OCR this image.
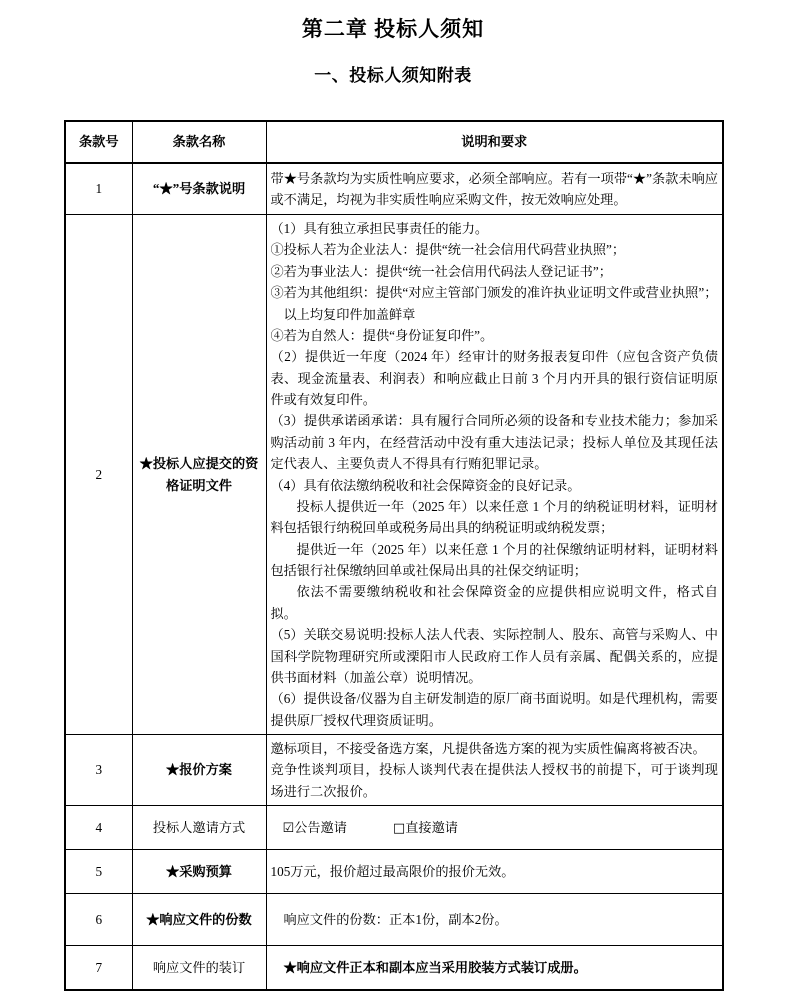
第二章 投标人须知
一、投标人须知附表
条款号	条款名称	说明和要求
1	“★”号条款说明	带★号条款均为实质性响应要求，必须全部响应。若有一项带“★”条款未响应或不满足，均视为非实质性响应采购文件，按无效响应处理。

2	★投标人应提交的资格证明文件	

（1）具有独立承担民事责任的能力。

①投标人若为企业法人：提供“统一社会信用代码营业执照”；

②若为事业法人：提供“统一社会信用代码法人登记证书”；

③若为其他组织：提供“对应主管部门颁发的准许执业证明文件或营业执照”；

以上均复印件加盖鲜章

④若为自然人：提供“身份证复印件”。

（2）提供近一年度（2024 年）经审计的财务报表复印件（应包含资产负债表、现金流量表、利润表）和响应截止日前 3 个月内开具的银行资信证明原件或有效复印件。

（3）提供承诺函承诺：具有履行合同所必须的设备和专业技术能力；参加采购活动前 3 年内，在经营活动中没有重大违法记录；投标人单位及其现任法定代表人、主要负责人不得具有行贿犯罪记录。

（4）具有依法缴纳税收和社会保障资金的良好记录。

投标人提供近一年（2025 年）以来任意 1 个月的纳税证明材料，证明材料包括银行纳税回单或税务局出具的纳税证明或纳税发票；

提供近一年（2025 年）以来任意 1 个月的社保缴纳证明材料，证明材料包括银行社保缴纳回单或社保局出具的社保交纳证明；

依法不需要缴纳税收和社会保障资金的应提供相应说明文件，格式自拟。

（5）关联交易说明:投标人法人代表、实际控制人、股东、高管与采购人、中国科学院物理研究所或溧阳市人民政府工作人员有亲属、配偶关系的，应提供书面材料（加盖公章）说明情况。

（6）提供设备/仪器为自主研发制造的原厂商书面说明。如是代理机构，需要提供原厂授权代理资质证明。

3	★报价方案	邀标项目，不接受备选方案，凡提供备选方案的视为实质性偏离将被否决。

竞争性谈判项目，投标人谈判代表在提供法人授权书的前提下，可于谈判现场进行二次报价。

4	投标人邀请方式	☑公告邀请 □直接邀请

5	★采购预算	105万元，报价超过最高限价的报价无效。

6	★响应文件的份数	响应文件的份数：正本1份，副本2份。

7	响应文件的装订	★响应文件正本和副本应当采用胶装方式装订成册。
